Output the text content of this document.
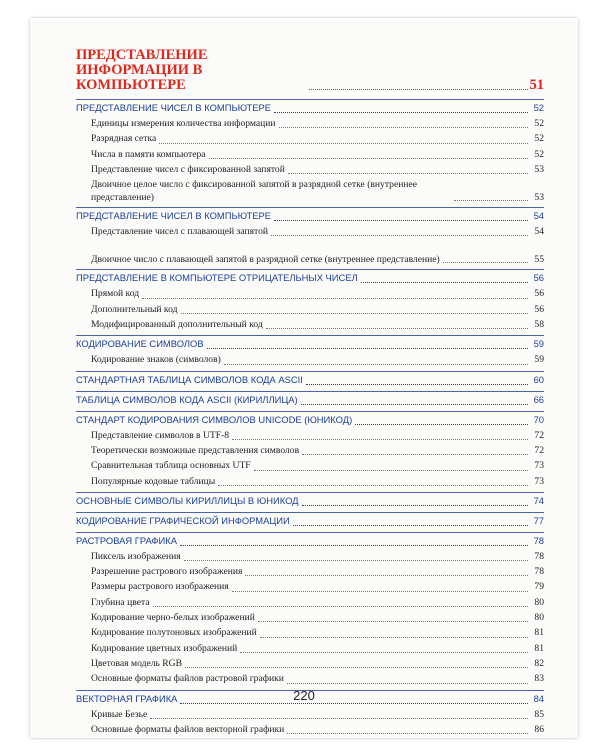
ПРЕДСТАВЛЕНИЕ ИНФОРМАЦИИ В КОМПЬЮТЕРЕ	51
ПРЕДСТАВЛЕНИЕ ЧИСЕЛ В КОМПЬЮТЕРЕ	52
Единицы измерения количества информации	52
Разрядная сетка	52
Числа в памяти компьютера	52
Представление чисел с фиксированной запятой	53
Двоичное целое число с фиксированной запятой в разрядной сетке (внутреннее представление)	53
ПРЕДСТАВЛЕНИЕ ЧИСЕЛ В КОМПЬЮТЕРЕ	54
Представление чисел с плавающей запятой	54
Двоичное число с плавающей запятой в разрядной сетке (внутреннее представление)	55
ПРЕДСТАВЛЕНИЕ В КОМПЬЮТЕРЕ ОТРИЦАТЕЛЬНЫХ ЧИСЕЛ	56
Прямой код	56
Дополнительный код	56
Модифицированный дополнительный код	58
КОДИРОВАНИЕ СИМВОЛОВ	59
Кодирование знаков (символов)	59
СТАНДАРТНАЯ ТАБЛИЦА СИМВОЛОВ КОДА ASCII	60
ТАБЛИЦА СИМВОЛОВ КОДА ASCII (КИРИЛЛИЦА)	66
СТАНДАРТ КОДИРОВАНИЯ СИМВОЛОВ UNICODE (ЮНИКОД)	70
Представление символов в UTF-8	72
Теоретически возможные представления символов	72
Сравнительная таблица основных UTF	73
Популярные кодовые таблицы	73
ОСНОВНЫЕ СИМВОЛЫ КИРИЛЛИЦЫ В ЮНИКОД	74
КОДИРОВАНИЕ ГРАФИЧЕСКОЙ ИНФОРМАЦИИ	77
РАСТРОВАЯ ГРАФИКА	78
Пиксель изображения	78
Разрешение растрового изображения	78
Размеры растрового изображения	79
Глубина цвета	80
Кодирование черно-белых изображений	80
Кодирование полутоновых изображений	81
Кодирование цветных изображений	81
Цветовая модель RGB	82
Основные форматы файлов растровой графики	83
ВЕКТОРНАЯ ГРАФИКА	84
Кривые Безье	85
Основные форматы файлов векторной графики	86
220
